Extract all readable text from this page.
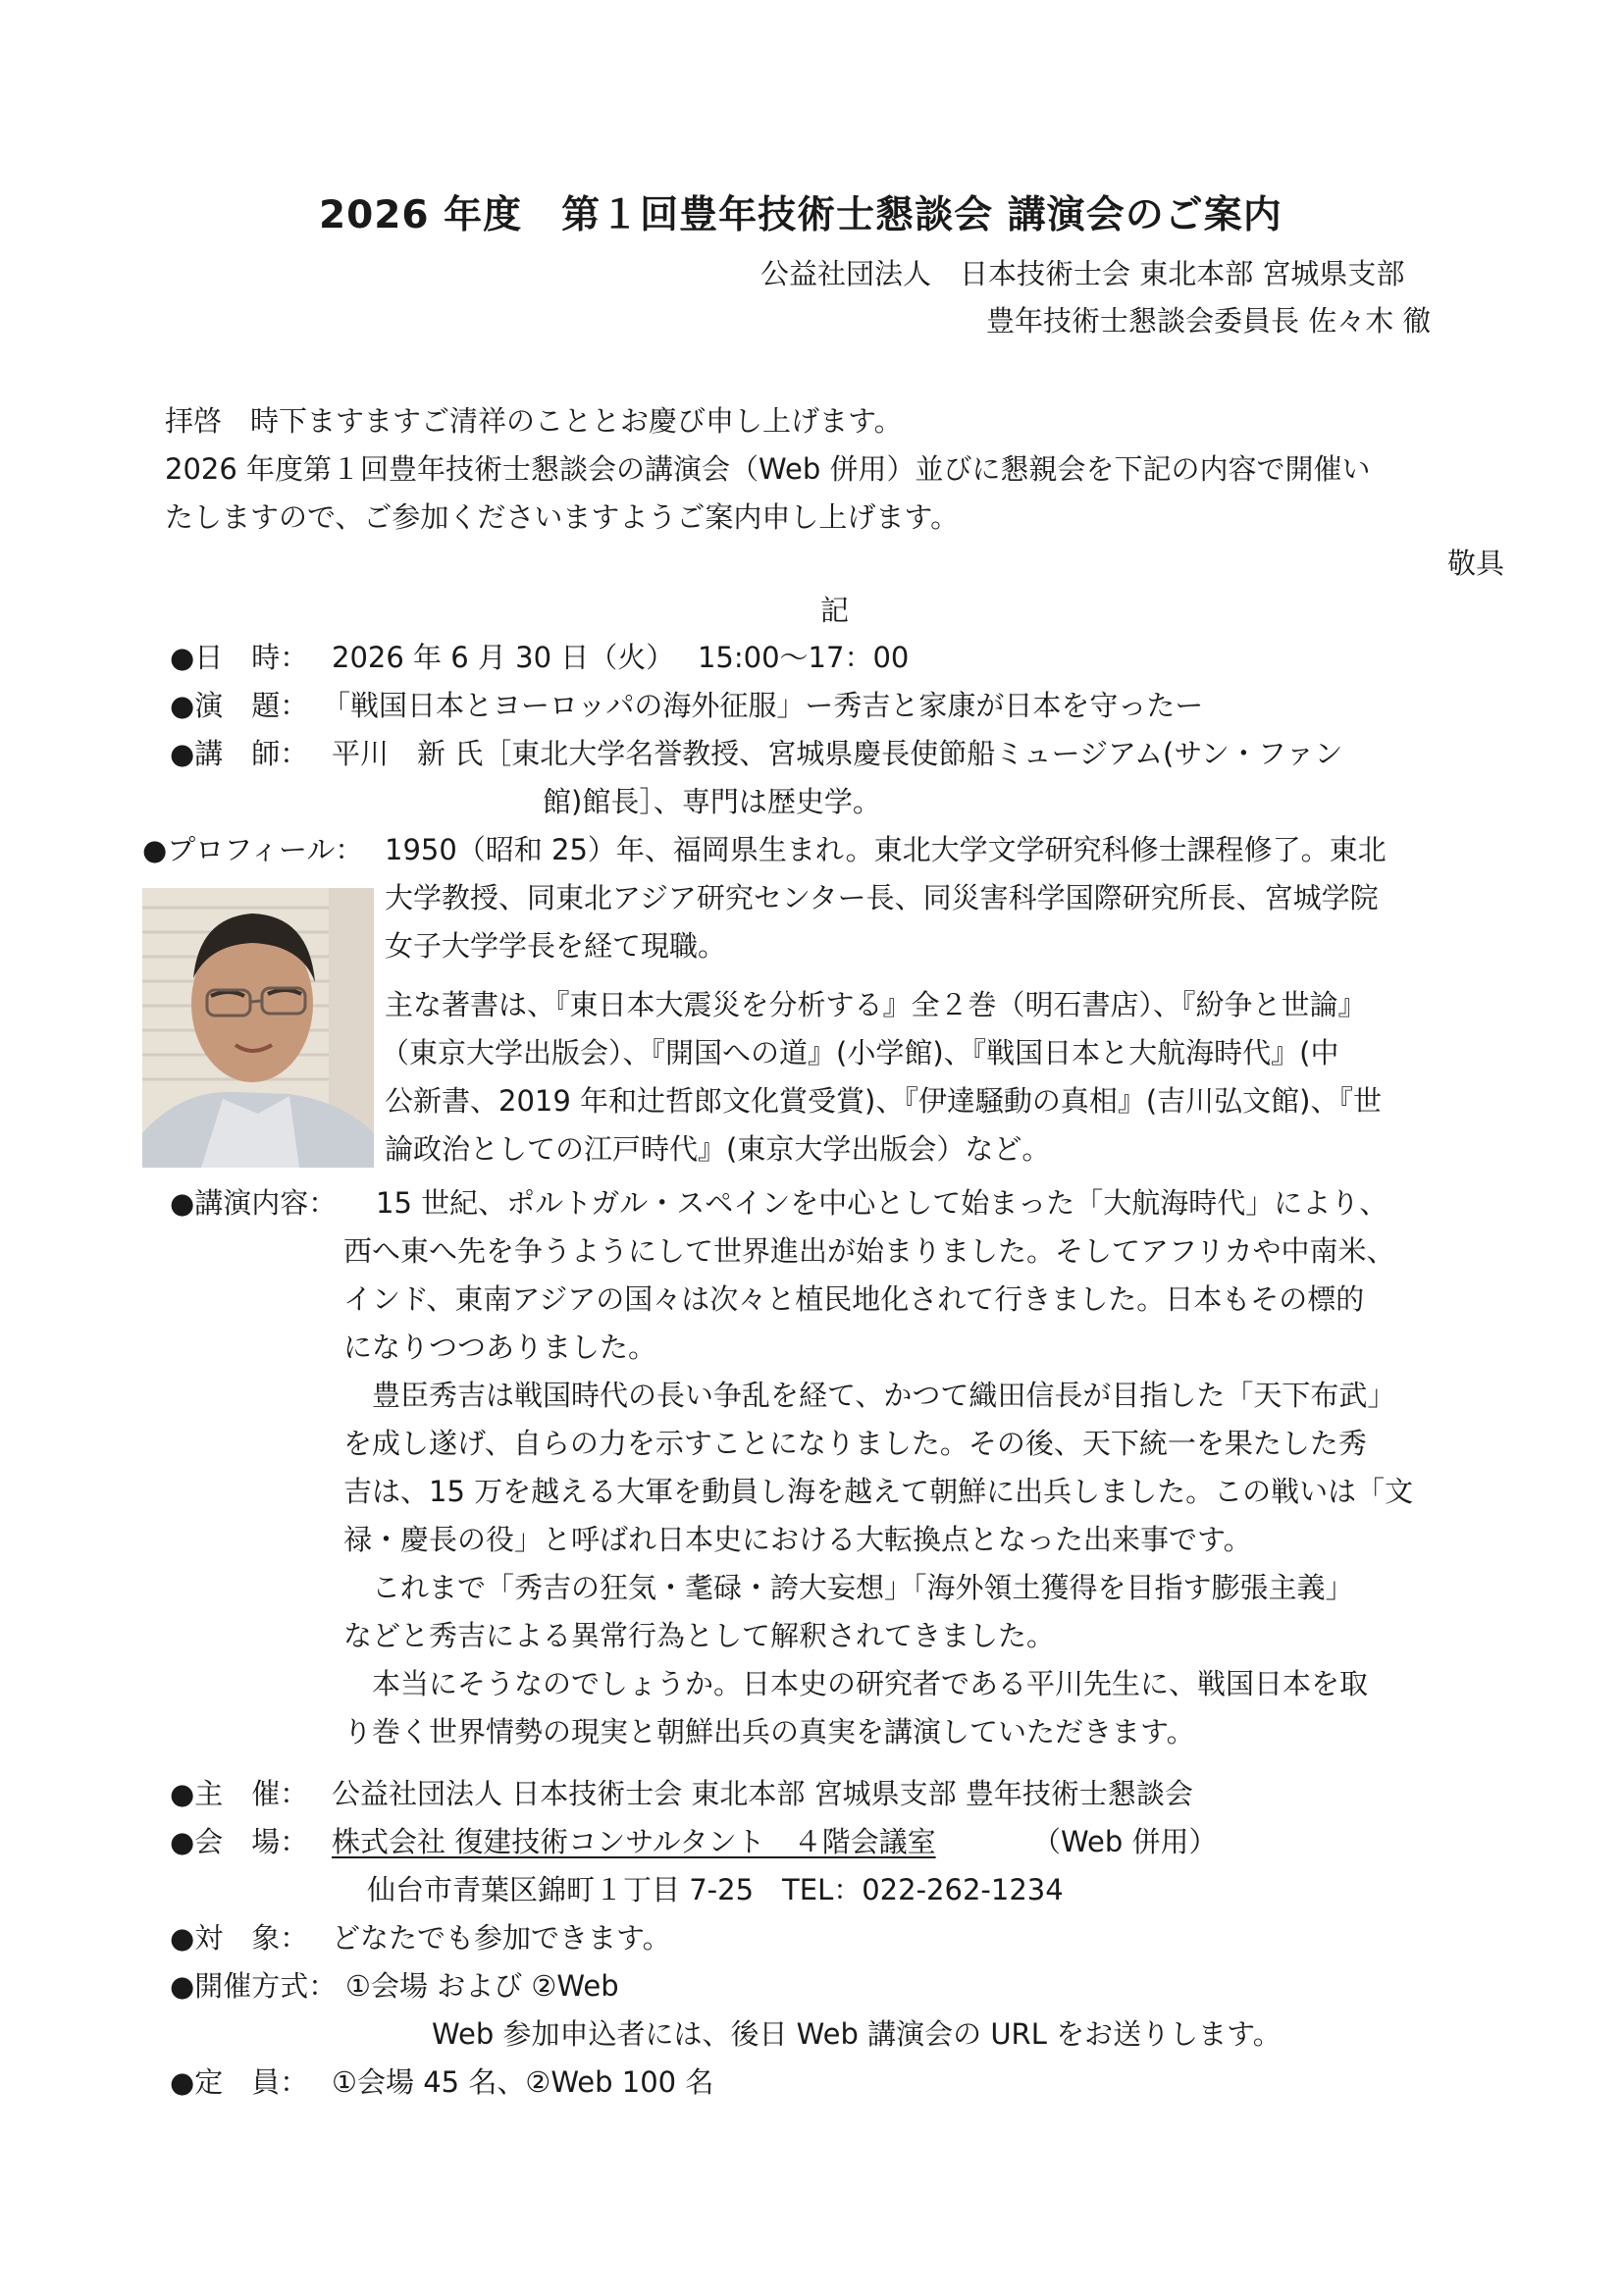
2026 年度　第１回豊年技術士懇談会 講演会のご案内
公益社団法人　日本技術士会 東北本部 宮城県支部
豊年技術士懇談会委員長 佐々木 徹
拝啓　時下ますますご清祥のこととお慶び申し上げます。
2026 年度第１回豊年技術士懇談会の講演会（Web 併用）並びに懇親会を下記の内容で開催い
たしますので、ご参加くださいますようご案内申し上げます。
敬具
記
●日　時： 2026 年 6 月 30 日（火）　 15:00～17：00
●演　題： 「戦国日本とヨーロッパの海外征服」ー秀吉と家康が日本を守ったー
●講　師： 平川　新 氏［東北大学名誉教授、宮城県慶長使節船ミュージアム(サン・ファン
館)館長］、専門は歴史学。
●プロフィール： 1950（昭和 25）年、福岡県生まれ。東北大学文学研究科修士課程修了。東北
大学教授、同東北アジア研究センター長、同災害科学国際研究所長、宮城学院
女子大学学長を経て現職。
主な著書は、『東日本大震災を分析する』全２巻（明石書店）、『紛争と世論』
（東京大学出版会）、『開国への道』(小学館)、『戦国日本と大航海時代』(中
公新書、2019 年和辻哲郎文化賞受賞)、『伊達騒動の真相』(吉川弘文館)、『世
論政治としての江戸時代』(東京大学出版会）など。
●講演内容： 15 世紀、ポルトガル・スペインを中心として始まった「大航海時代」により、
西へ東へ先を争うようにして世界進出が始まりました。そしてアフリカや中南米、
インド、東南アジアの国々は次々と植民地化されて行きました。日本もその標的
になりつつありました。
　豊臣秀吉は戦国時代の長い争乱を経て、かつて織田信長が目指した「天下布武」
を成し遂げ、自らの力を示すことになりました。その後、天下統一を果たした秀
吉は、15 万を越える大軍を動員し海を越えて朝鮮に出兵しました。この戦いは「文
禄・慶長の役」と呼ばれ日本史における大転換点となった出来事です。
　これまで「秀吉の狂気・耄碌・誇大妄想」「海外領土獲得を目指す膨張主義」
などと秀吉による異常行為として解釈されてきました。
　本当にそうなのでしょうか。日本史の研究者である平川先生に、戦国日本を取
り巻く世界情勢の現実と朝鮮出兵の真実を講演していただきます。
●主　催： 公益社団法人 日本技術士会 東北本部 宮城県支部 豊年技術士懇談会
●会　場： 株式会社 復建技術コンサルタント　４階会議室	（Web 併用）
仙台市青葉区錦町１丁目 7-25　TEL：022-262-1234
●対　象： どなたでも参加できます。
●開催方式： ①会場 および ②Web
Web 参加申込者には、後日 Web 講演会の URL をお送りします。
●定　員： ①会場 45 名、②Web 100 名
